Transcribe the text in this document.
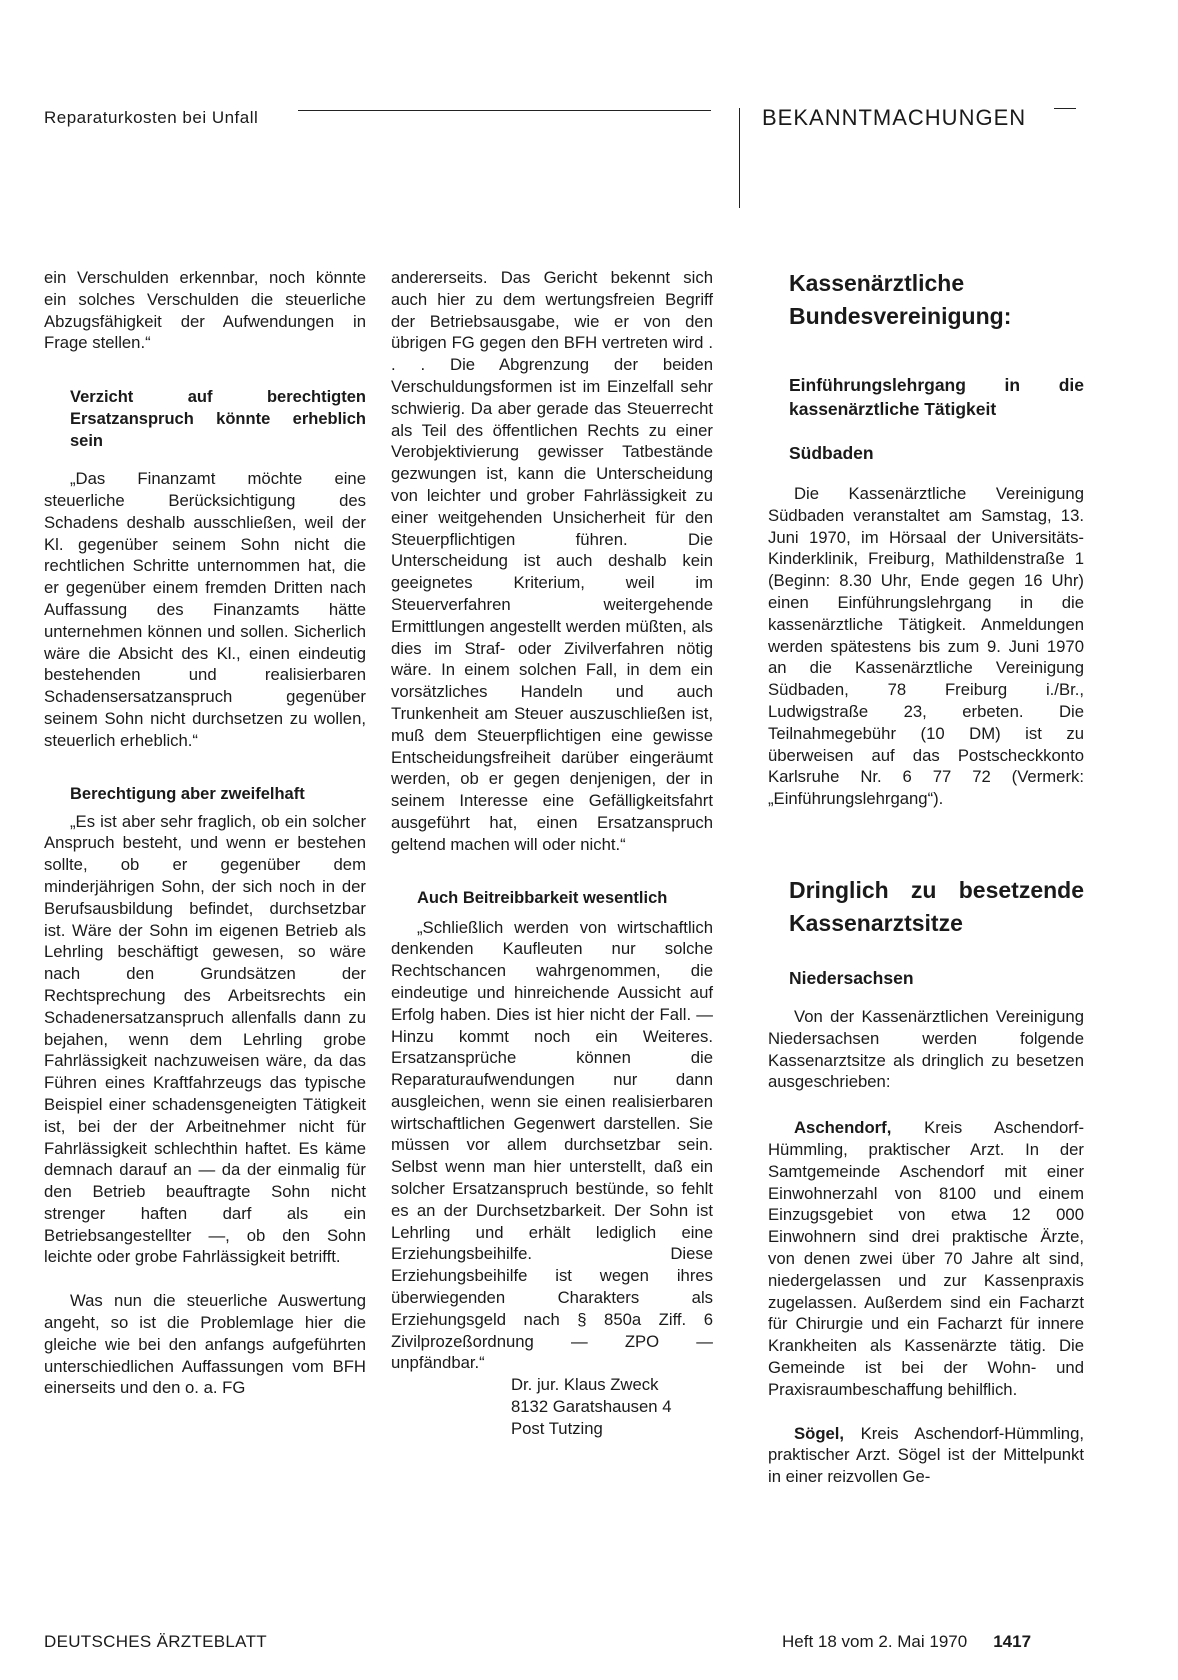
Reparaturkosten bei Unfall	BEKANNTMACHUNGEN

ein Verschulden erkennbar, noch könnte ein solches Verschulden die steuerliche Abzugsfähigkeit der Aufwendungen in Frage stellen.“

Verzicht auf berechtigten Ersatzanspruch könnte erheblich sein

„Das Finanzamt möchte eine steuerliche Berücksichtigung des Schadens deshalb ausschließen, weil der Kl. gegenüber seinem Sohn nicht die rechtlichen Schritte unternommen hat, die er gegenüber einem fremden Dritten nach Auffassung des Finanzamts hätte unternehmen können und sollen. Sicherlich wäre die Absicht des Kl., einen eindeutig bestehenden und realisierbaren Schadensersatzanspruch gegenüber seinem Sohn nicht durchsetzen zu wollen, steuerlich erheblich.“

Berechtigung aber zweifelhaft

„Es ist aber sehr fraglich, ob ein solcher Anspruch besteht, und wenn er bestehen sollte, ob er gegenüber dem minderjährigen Sohn, der sich noch in der Berufsausbildung befindet, durchsetzbar ist. Wäre der Sohn im eigenen Betrieb als Lehrling beschäftigt gewesen, so wäre nach den Grundsätzen der Rechtsprechung des Arbeitsrechts ein Schadenersatzanspruch allenfalls dann zu bejahen, wenn dem Lehrling grobe Fahrlässigkeit nachzuweisen wäre, da das Führen eines Kraftfahrzeugs das typische Beispiel einer schadensgeneigten Tätigkeit ist, bei der der Arbeitnehmer nicht für Fahrlässigkeit schlechthin haftet. Es käme demnach darauf an — da der einmalig für den Betrieb beauftragte Sohn nicht strenger haften darf als ein Betriebsangestellter —, ob den Sohn leichte oder grobe Fahrlässigkeit betrifft.

Was nun die steuerliche Auswertung angeht, so ist die Problemlage hier die gleiche wie bei den anfangs aufgeführten unterschiedlichen Auffassungen vom BFH einerseits und den o. a. FG

andererseits. Das Gericht bekennt sich auch hier zu dem wertungsfreien Begriff der Betriebsausgabe, wie er von den übrigen FG gegen den BFH vertreten wird . . . Die Abgrenzung der beiden Verschuldungsformen ist im Einzelfall sehr schwierig. Da aber gerade das Steuerrecht als Teil des öffentlichen Rechts zu einer Verobjektivierung gewisser Tatbestände gezwungen ist, kann die Unterscheidung von leichter und grober Fahrlässigkeit zu einer weitgehenden Unsicherheit für den Steuerpflichtigen führen. Die Unterscheidung ist auch deshalb kein geeignetes Kriterium, weil im Steuerverfahren weitergehende Ermittlungen angestellt werden müßten, als dies im Straf- oder Zivilverfahren nötig wäre. In einem solchen Fall, in dem ein vorsätzliches Handeln und auch Trunkenheit am Steuer auszuschließen ist, muß dem Steuerpflichtigen eine gewisse Entscheidungsfreiheit darüber eingeräumt werden, ob er gegen denjenigen, der in seinem Interesse eine Gefälligkeitsfahrt ausgeführt hat, einen Ersatzanspruch geltend machen will oder nicht.“

Auch Beitreibbarkeit wesentlich

„Schließlich werden von wirtschaftlich denkenden Kaufleuten nur solche Rechtschancen wahrgenommen, die eindeutige und hinreichende Aussicht auf Erfolg haben. Dies ist hier nicht der Fall. — Hinzu kommt noch ein Weiteres. Ersatzansprüche können die Reparaturaufwendungen nur dann ausgleichen, wenn sie einen realisierbaren wirtschaftlichen Gegenwert darstellen. Sie müssen vor allem durchsetzbar sein. Selbst wenn man hier unterstellt, daß ein solcher Ersatzanspruch bestünde, so fehlt es an der Durchsetzbarkeit. Der Sohn ist Lehrling und erhält lediglich eine Erziehungsbeihilfe. Diese Erziehungsbeihilfe ist wegen ihres überwiegenden Charakters als Erziehungsgeld nach § 850a Ziff. 6 Zivilprozeßordnung — ZPO — unpfändbar.“

Dr. jur. Klaus Zweck

8132 Garatshausen 4

Post Tutzing

Kassenärztliche Bundesvereinigung:

Einführungslehrgang in die kassenärztliche Tätigkeit

Südbaden

Die Kassenärztliche Vereinigung Südbaden veranstaltet am Samstag, 13. Juni 1970, im Hörsaal der Universitäts-Kinderklinik, Freiburg, Mathildenstraße 1 (Beginn: 8.30 Uhr, Ende gegen 16 Uhr) einen Einführungslehrgang in die kassenärztliche Tätigkeit. Anmeldungen werden spätestens bis zum 9. Juni 1970 an die Kassenärztliche Vereinigung Südbaden, 78 Freiburg i./Br., Ludwigstraße 23, erbeten. Die Teilnahmegebühr (10 DM) ist zu überweisen auf das Postscheckkonto Karlsruhe Nr. 6 77 72 (Vermerk: „Einführungslehrgang“).

Dringlich zu besetzende Kassenarztsitze

Niedersachsen

Von der Kassenärztlichen Vereinigung Niedersachsen werden folgende Kassenarztsitze als dringlich zu besetzen ausgeschrieben:

Aschendorf, Kreis Aschendorf-Hümmling, praktischer Arzt. In der Samtgemeinde Aschendorf mit einer Einwohnerzahl von 8100 und einem Einzugsgebiet von etwa 12 000 Einwohnern sind drei praktische Ärzte, von denen zwei über 70 Jahre alt sind, niedergelassen und zur Kassenpraxis zugelassen. Außerdem sind ein Facharzt für Chirurgie und ein Facharzt für innere Krankheiten als Kassenärzte tätig. Die Gemeinde ist bei der Wohn- und Praxisraumbeschaffung behilflich.

Sögel, Kreis Aschendorf-Hümmling, praktischer Arzt. Sögel ist der Mittelpunkt in einer reizvollen Ge-

DEUTSCHES ÄRZTEBLATT	Heft 18 vom 2. Mai 1970 1417
